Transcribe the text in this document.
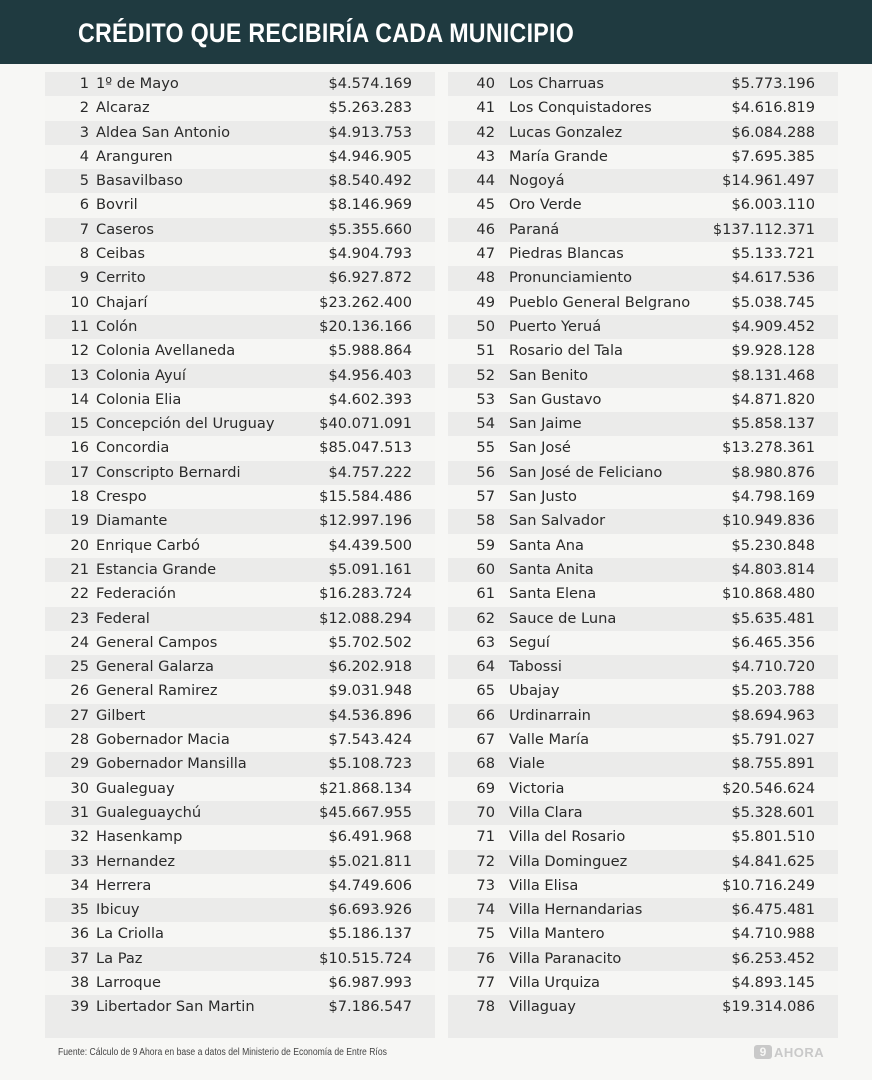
CRÉDITO QUE RECIBIRÍA CADA MUNICIPIO
1 1º de Mayo	$4.574.169
2 Alcaraz	$5.263.283
3 Aldea San Antonio	$4.913.753
4 Aranguren	$4.946.905
5 Basavilbaso	$8.540.492
6 Bovril	$8.146.969
7 Caseros	$5.355.660
8 Ceibas	$4.904.793
9 Cerrito	$6.927.872
10 Chajarí	$23.262.400
11 Colón	$20.136.166
12 Colonia Avellaneda	$5.988.864
13 Colonia Ayuí	$4.956.403
14 Colonia Elia	$4.602.393
15 Concepción del Uruguay	$40.071.091
16 Concordia	$85.047.513
17 Conscripto Bernardi	$4.757.222
18 Crespo	$15.584.486
19 Diamante	$12.997.196
20 Enrique Carbó	$4.439.500
21 Estancia Grande	$5.091.161
22 Federación	$16.283.724
23 Federal	$12.088.294
24 General Campos	$5.702.502
25 General Galarza	$6.202.918
26 General Ramirez	$9.031.948
27 Gilbert	$4.536.896
28 Gobernador Macia	$7.543.424
29 Gobernador Mansilla	$5.108.723
30 Gualeguay	$21.868.134
31 Gualeguaychú	$45.667.955
32 Hasenkamp	$6.491.968
33 Hernandez	$5.021.811
34 Herrera	$4.749.606
35 Ibicuy	$6.693.926
36 La Criolla	$5.186.137
37 La Paz	$10.515.724
38 Larroque	$6.987.993
39 Libertador San Martin	$7.186.547
40 Los Charruas	$5.773.196
41 Los Conquistadores	$4.616.819
42 Lucas Gonzalez	$6.084.288
43 María Grande	$7.695.385
44 Nogoyá	$14.961.497
45 Oro Verde	$6.003.110
46 Paraná	$137.112.371
47 Piedras Blancas	$5.133.721
48 Pronunciamiento	$4.617.536
49 Pueblo General Belgrano	$5.038.745
50 Puerto Yeruá	$4.909.452
51 Rosario del Tala	$9.928.128
52 San Benito	$8.131.468
53 San Gustavo	$4.871.820
54 San Jaime	$5.858.137
55 San José	$13.278.361
56 San José de Feliciano	$8.980.876
57 San Justo	$4.798.169
58 San Salvador	$10.949.836
59 Santa Ana	$5.230.848
60 Santa Anita	$4.803.814
61 Santa Elena	$10.868.480
62 Sauce de Luna	$5.635.481
63 Seguí	$6.465.356
64 Tabossi	$4.710.720
65 Ubajay	$5.203.788
66 Urdinarrain	$8.694.963
67 Valle María	$5.791.027
68 Viale	$8.755.891
69 Victoria	$20.546.624
70 Villa Clara	$5.328.601
71 Villa del Rosario	$5.801.510
72 Villa Dominguez	$4.841.625
73 Villa Elisa	$10.716.249
74 Villa Hernandarias	$6.475.481
75 Villa Mantero	$4.710.988
76 Villa Paranacito	$6.253.452
77 Villa Urquiza	$4.893.145
78 Villaguay	$19.314.086
Fuente: Cálculo de 9 Ahora en base a datos del Ministerio de Economía de Entre Ríos	9 AHORA
